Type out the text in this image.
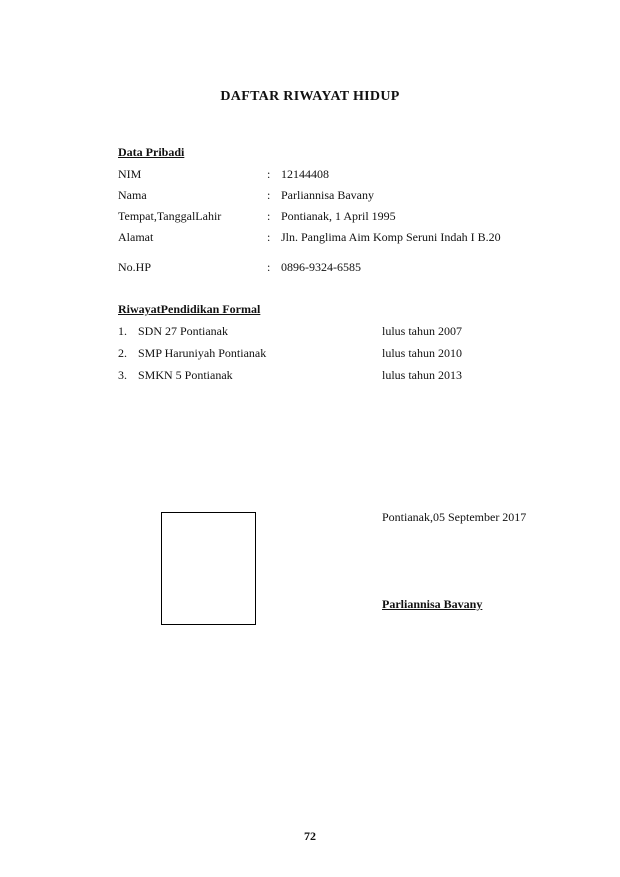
DAFTAR RIWAYAT HIDUP
Data Pribadi
NIM	: 12144408
Nama	: Parliannisa Bavany
Tempat,TanggalLahir	: Pontianak, 1 April 1995
Alamat	: Jln. Panglima Aim Komp Seruni Indah I B.20
No.HP	: 0896-9324-6585
RiwayatPendidikan Formal
1. SDN 27 Pontianak	lulus tahun 2007
2. SMP Haruniyah Pontianak	lulus tahun 2010
3. SMKN 5 Pontianak	lulus tahun 2013
Pontianak,05 September 2017
Parliannisa Bavany
72
